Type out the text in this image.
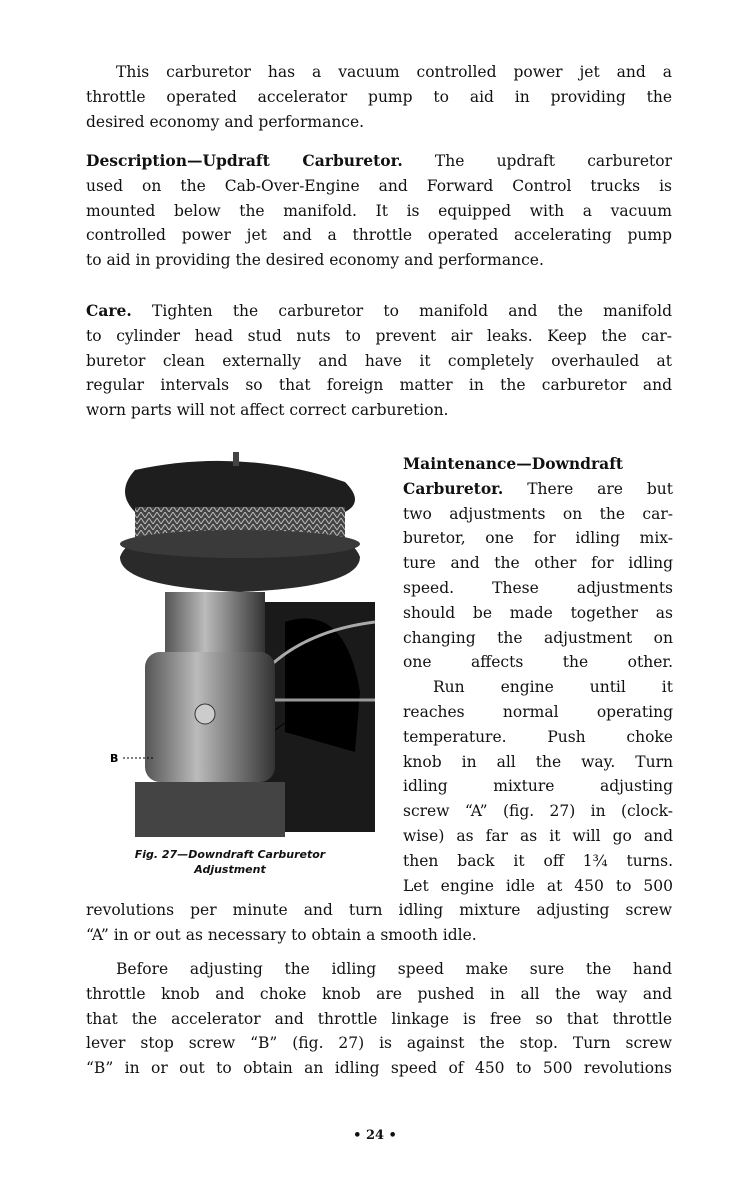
This carburetor has a vacuum controlled power jet and a
throttle operated accelerator pump to aid in providing the
desired economy and performance.
Description—Updraft Carburetor. The updraft carburetor
used on the Cab-Over-Engine and Forward Control trucks is
mounted below the manifold. It is equipped with a vacuum
controlled power jet and a throttle operated accelerating pump
to aid in providing the desired economy and performance.
Care. Tighten the carburetor to manifold and the manifold
to cylinder head stud nuts to prevent air leaks. Keep the car-
buretor clean externally and have it completely overhauled at
regular intervals so that foreign matter in the carburetor and
worn parts will not affect correct carburetion.
Maintenance—Downdraft
Carburetor. There are but
two adjustments on the car-
buretor, one for idling mix-
ture and the other for idling
speed. These adjustments
should be made together as
changing the adjustment on
one affects the other.
Run engine until it
reaches normal operating
temperature. Push choke
knob in all the way. Turn
idling mixture adjusting
screw “A” (fig. 27) in (clock-
wise) as far as it will go and
then back it off 1¾ turns.
Let engine idle at 450 to 500
revolutions per minute and turn idling mixture adjusting screw
“A” in or out as necessary to obtain a smooth idle.
Before adjusting the idling speed make sure the hand
throttle knob and choke knob are pushed in all the way and
that the accelerator and throttle linkage is free so that throttle
lever stop screw “B” (fig. 27) is against the stop. Turn screw
“B” in or out to obtain an idling speed of 450 to 500 revolutions
A
B
Fig. 27—Downdraft Carburetor
Adjustment
• 24 •
